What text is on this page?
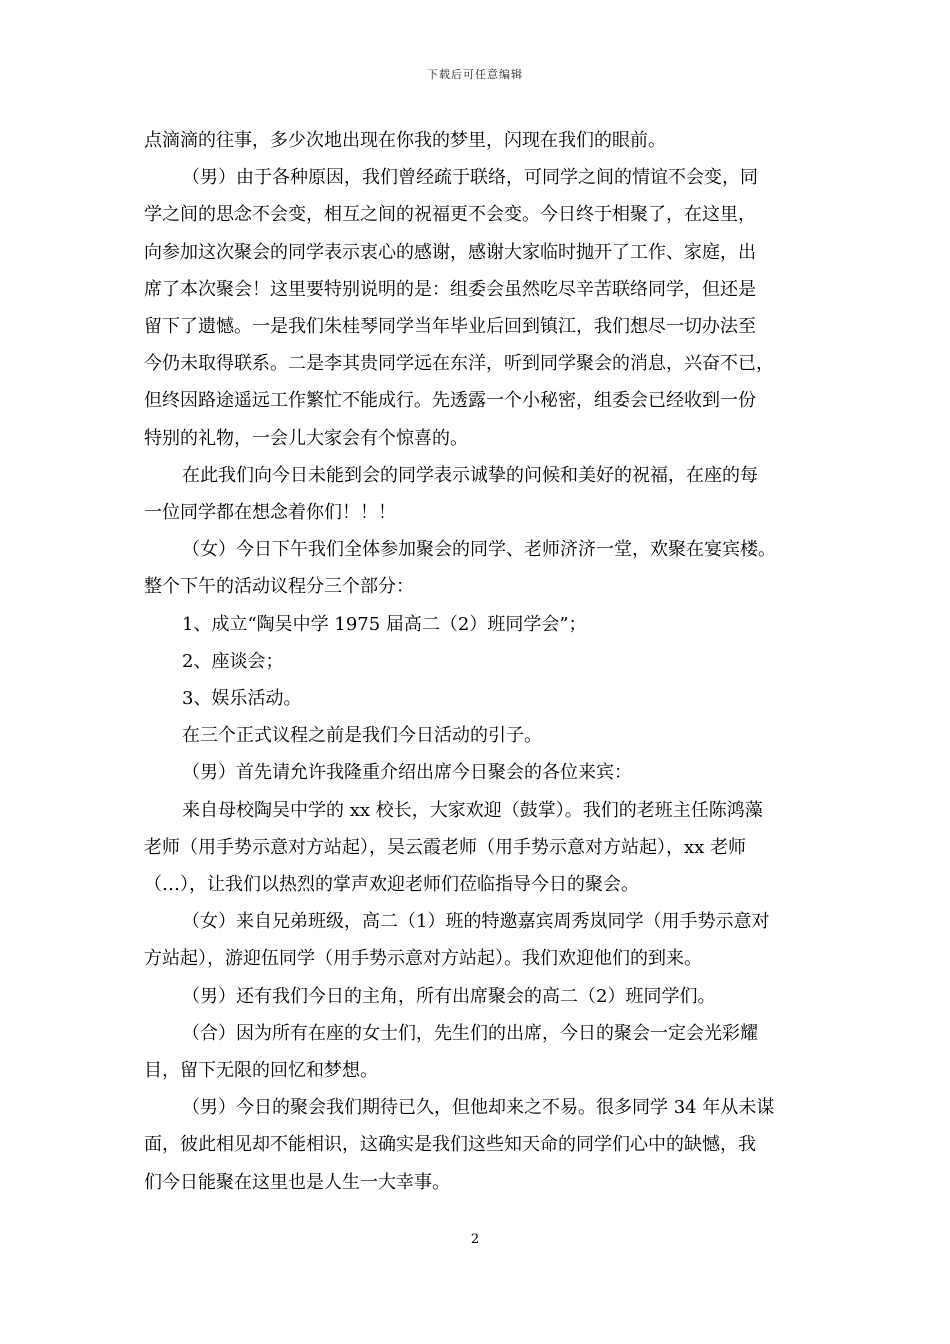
下载后可任意编辑

点滴滴的往事，多少次地出现在你我的梦里，闪现在我们的眼前。

（男）由于各种原因，我们曾经疏于联络，可同学之间的情谊不会变，同

学之间的思念不会变，相互之间的祝福更不会变。今日终于相聚了，在这里，

向参加这次聚会的同学表示衷心的感谢，感谢大家临时抛开了工作、家庭，出

席了本次聚会！这里要特别说明的是：组委会虽然吃尽辛苦联络同学，但还是

留下了遗憾。一是我们朱桂琴同学当年毕业后回到镇江，我们想尽一切办法至

今仍未取得联系。二是李其贵同学远在东洋，听到同学聚会的消息，兴奋不已，

但终因路途遥远工作繁忙不能成行。先透露一个小秘密，组委会已经收到一份

特别的礼物，一会儿大家会有个惊喜的。

在此我们向今日未能到会的同学表示诚挚的问候和美好的祝福，在座的每

一位同学都在想念着你们！！！

（女）今日下午我们全体参加聚会的同学、老师济济一堂，欢聚在宴宾楼。

整个下午的活动议程分三个部分：

1、成立“陶吴中学 1975 届高二（2）班同学会”；

2、座谈会；

3、娱乐活动。

在三个正式议程之前是我们今日活动的引子。

（男）首先请允许我隆重介绍出席今日聚会的各位来宾：

来自母校陶吴中学的 xx 校长，大家欢迎（鼓掌）。我们的老班主任陈鸿藻

老师（用手势示意对方站起），吴云霞老师（用手势示意对方站起），xx 老师

（…），让我们以热烈的掌声欢迎老师们莅临指导今日的聚会。

（女）来自兄弟班级，高二（1）班的特邀嘉宾周秀岚同学（用手势示意对

方站起），游迎伍同学（用手势示意对方站起）。我们欢迎他们的到来。

（男）还有我们今日的主角，所有出席聚会的高二（2）班同学们。

（合）因为所有在座的女士们，先生们的出席，今日的聚会一定会光彩耀

目，留下无限的回忆和梦想。

（男）今日的聚会我们期待已久，但他却来之不易。很多同学 34 年从未谋

面，彼此相见却不能相识，这确实是我们这些知天命的同学们心中的缺憾，我

们今日能聚在这里也是人生一大幸事。

2
